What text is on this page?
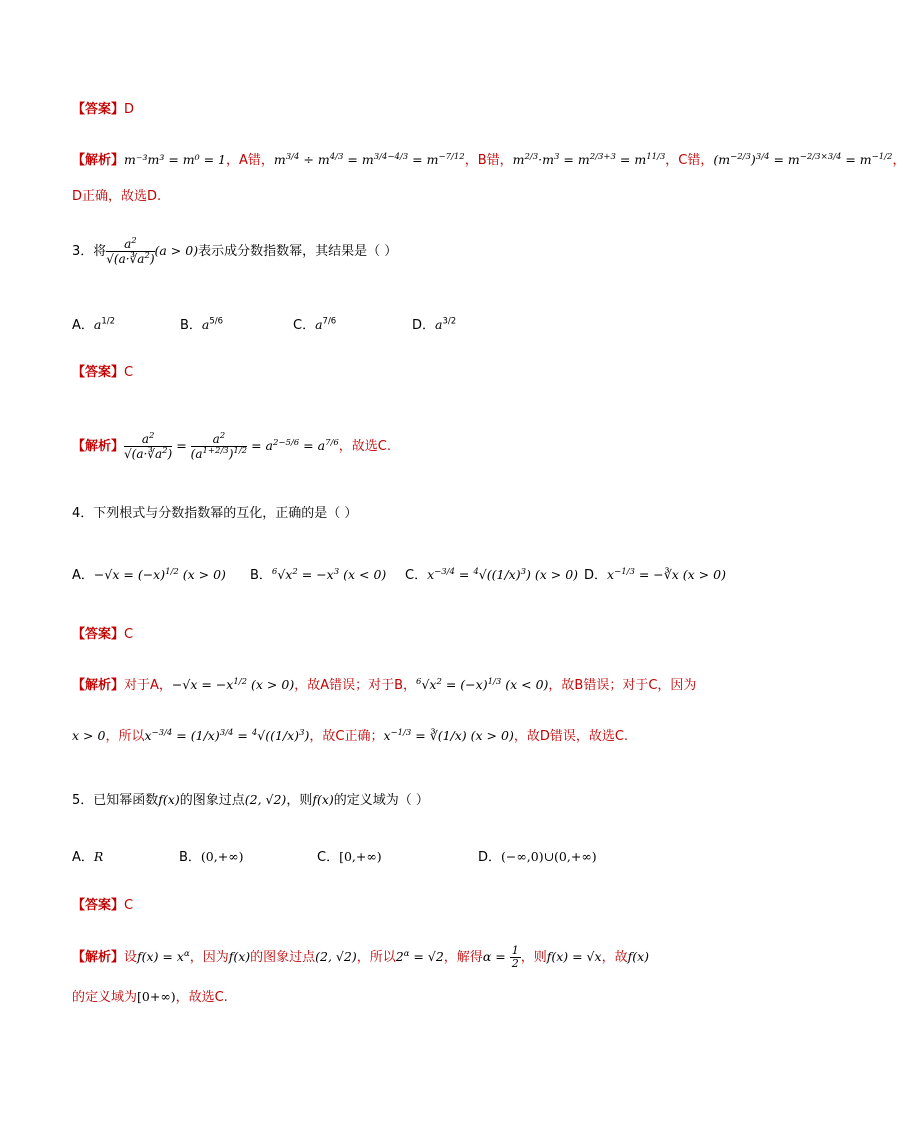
【答案】D
【解析】m⁻³m³ = m⁰ = 1，A错，$m^{3/4} \div m^{4/3} = m^{3/4-4/3} = m^{-7/12}$，B错，$m^{2/3}\cdot m^3 = m^{2/3+3} = m^{11/3}$，C错，$(m^{-2/3})^{3/4} = m^{-2/3\times 3/4} = m^{-1/2}$，
D正确，故选D.
3．将 $\frac{a^2}{√(a\cdot∛a^2)} (a > 0)$表示成分数指数幂，其结果是（ ）
A．$a^{1/2}$	B．$a^{5/6}$	C．$a^{7/6}$	D．$a^{3/2}$
【答案】C
【解析】 $\frac{a^2}{√(a\cdot∛a^2)} = \frac{a^2}{(a^{1+2/3})^{1/2}} = a^{2-5/6} = a^{7/6}$，故选C.
4．下列根式与分数指数幂的互化，正确的是（ ）
A．$-√x = (-x)^{1/2}$ (x > 0) B．$^6√x^2 = -x^3$ (x < 0) C．$x^{-3/4} = ^4√((1/x)^3) (x > 0)$ D．$x^{-1/3}$ = −∛x (x > 0)
【答案】C
【解析】对于A，$-√x = -x^{1/2}$ (x > 0)，故A错误；对于B，$^6√x^2 = (-x)^{1/3}$ (x < 0)，故B错误；对于C，因为
x > 0，所以$x^{-3/4} = (1/x)^{3/4} = ^4√((1/x)^3)$，故C正确；$x^{-1/3}$ = ∛(1/x) (x > 0)，故D错误，故选C.
5．已知幂函数f(x)的图象过点(2, √2)，则f(x)的定义域为（ ）
A．R	B．(0,+∞)	C．[0,+∞)	D．(−∞,0)∪(0,+∞)
【答案】C
【解析】设$f(x) = x^\alpha$，因为f(x)的图象过点(2, √2)，所以$2^\alpha = √2$，解得$\alpha = \frac{1}{2}$ ，则f(x) = √x，故f(x)
的定义域为[0+∞)，故选C.
